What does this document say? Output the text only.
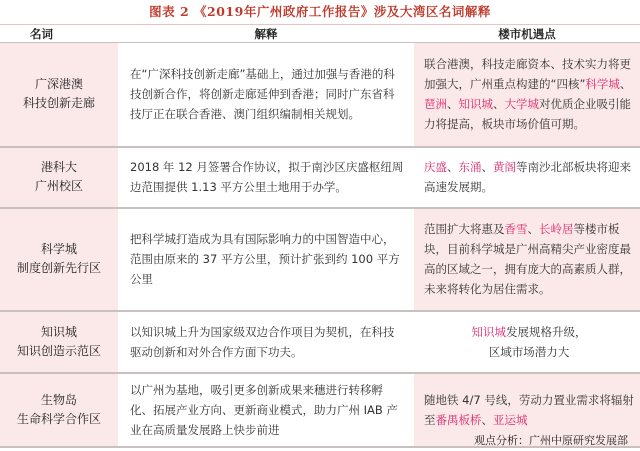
图表 2 《2019年广州政府工作报告》涉及大湾区名词解释
名词	解释	楼市机遇点

广深港澳
科技创新走廊	在“广深科技创新走廊”基础上，通过加强与香港的科技创新合作，将创新走廊延伸到香港；同时广东省科技厅正在联合香港、澳门组织编制相关规划。	联合港澳，科技走廊资本、技术实力将更加强大，广州重点构建的“四核”科学城、琶洲、知识城、大学城对优质企业吸引能力将提高，板块市场价值可期。

港科大
广州校区	2018 年 12 月签署合作协议，拟于南沙区庆盛枢纽周边范围提供 1.13 平方公里土地用于办学。	庆盛、东涌、黄阁等南沙北部板块将迎来高速发展期。

科学城
制度创新先行区	把科学城打造成为具有国际影响力的中国智造中心，范围由原来的 37 平方公里，预计扩张到约 100 平方公里	范围扩大将惠及香雪、长岭居等楼市板块，目前科学城是广州高精尖产业密度最高的区域之一，拥有庞大的高素质人群，未来将转化为居住需求。

知识城
知识创造示范区	以知识城上升为国家级双边合作项目为契机，在科技驱动创新和对外合作方面下功夫。	知识城发展规格升级，
区域市场潜力大

生物岛
生命科学合作区	以广州为基地，吸引更多创新成果来穗进行转移孵化、拓展产业方向、更新商业模式，助力广州 IAB 产业在高质量发展路上快步前进	随地铁 4/7 号线，劳动力置业需求将辐射至番禺板桥、亚运城
观点分析：广州中原研究发展部
